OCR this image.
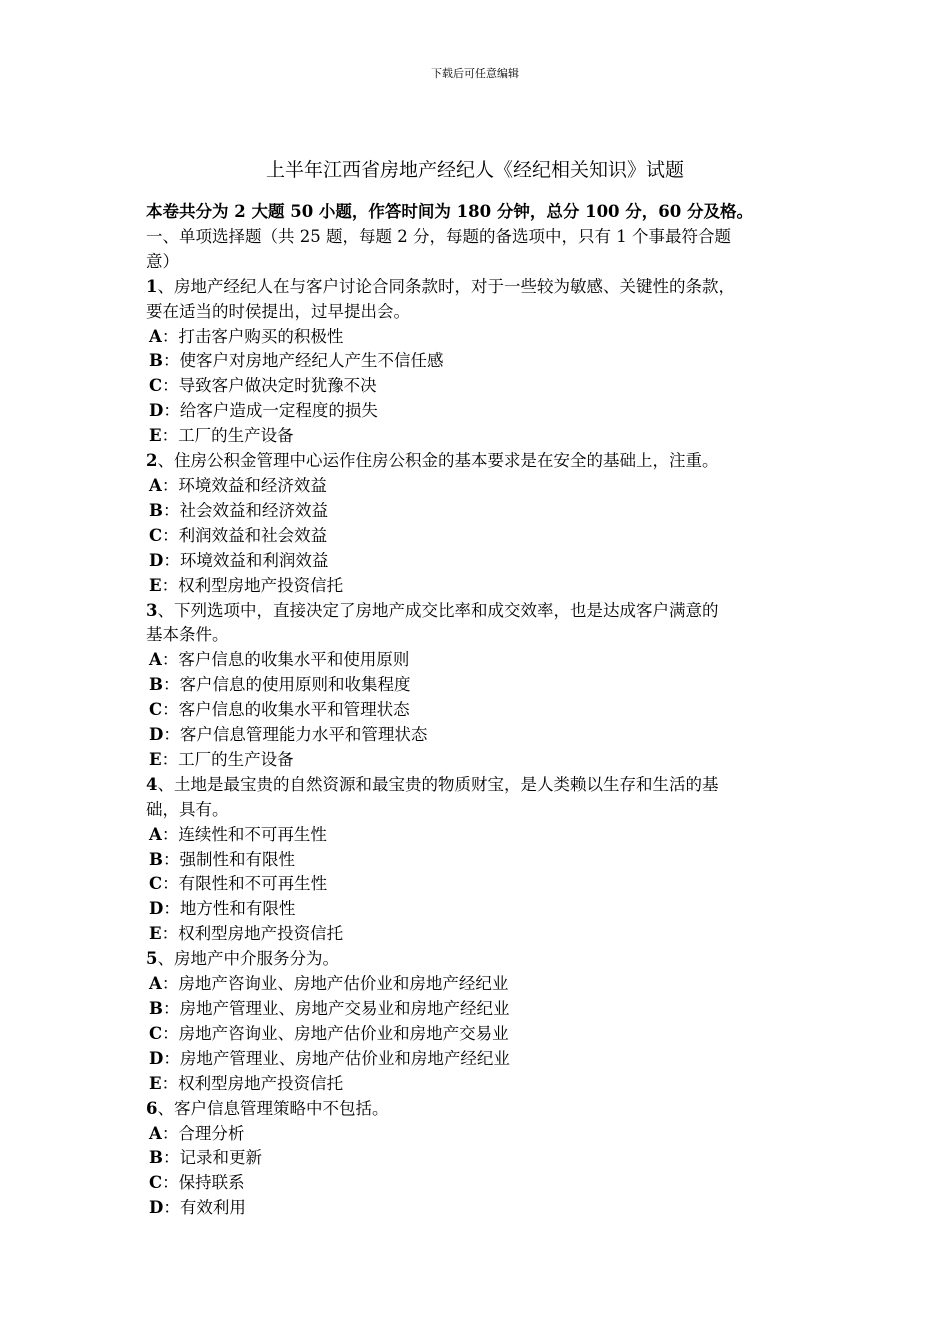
下载后可任意编辑
上半年江西省房地产经纪人《经纪相关知识》试题
本卷共分为 2 大题 50 小题，作答时间为 180 分钟，总分 100 分，60 分及格。
一、单项选择题（共 25 题，每题 2 分，每题的备选项中，只有 1 个事最符合题
意）
1、房地产经纪人在与客户讨论合同条款时，对于一些较为敏感、关键性的条款，
要在适当的时侯提出，过早提出会。
A：打击客户购买的积极性
B：使客户对房地产经纪人产生不信任感
C：导致客户做决定时犹豫不决
D：给客户造成一定程度的损失
E：工厂的生产设备
2、住房公积金管理中心运作住房公积金的基本要求是在安全的基础上，注重。
A：环境效益和经济效益
B：社会效益和经济效益
C：利润效益和社会效益
D：环境效益和利润效益
E：权利型房地产投资信托
3、下列选项中，直接决定了房地产成交比率和成交效率，也是达成客户满意的
基本条件。
A：客户信息的收集水平和使用原则
B：客户信息的使用原则和收集程度
C：客户信息的收集水平和管理状态
D：客户信息管理能力水平和管理状态
E：工厂的生产设备
4、土地是最宝贵的自然资源和最宝贵的物质财宝，是人类赖以生存和生活的基
础，具有。
A：连续性和不可再生性
B：强制性和有限性
C：有限性和不可再生性
D：地方性和有限性
E：权利型房地产投资信托
5、房地产中介服务分为。
A：房地产咨询业、房地产估价业和房地产经纪业
B：房地产管理业、房地产交易业和房地产经纪业
C：房地产咨询业、房地产估价业和房地产交易业
D：房地产管理业、房地产估价业和房地产经纪业
E：权利型房地产投资信托
6、客户信息管理策略中不包括。
A：合理分析
B：记录和更新
C：保持联系
D：有效利用
